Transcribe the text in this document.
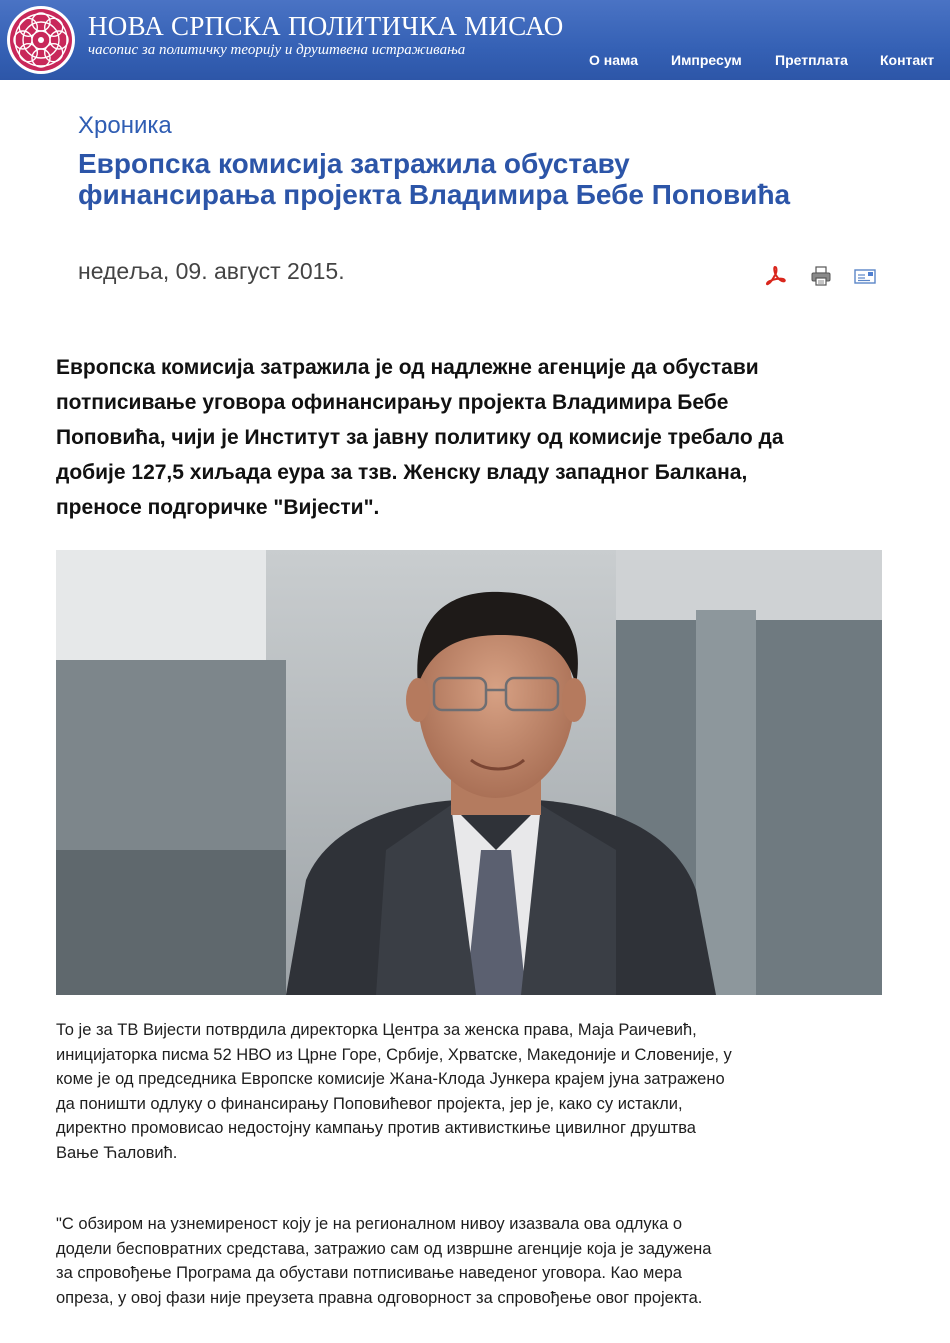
НОВА СРПСКА ПОЛИТИЧКА МИСАО
часопис за политичку теорију и друштвена истраживања
О нама Импресум Претплата Контакт
Хроника
Европска комисија затражила обуставу
финансирања пројекта Владимира Бебе Поповића
недеља, 09. август 2015.

Европска комисија затражила је од надлежне агенције да обустави
потписивање уговора офинансирању пројекта Владимира Бебе
Поповића, чији је Институт за јавну политику од комисије требало да
добије 127,5 хиљада еура за тзв. Женску владу западног Балкана,
преносе подгоричке "Вијести".

То је за ТВ Вијести потврдила директорка Центра за женска права, Маја Раичевић,
иницијаторка писма 52 НВО из Црне Горе, Србије, Хрватске, Македоније и Словеније, у
коме је од председника Европске комисије Жана-Клода Јункера крајем јуна затражено
да поништи одлуку о финансирању Поповићевог пројекта, јер је, како су истакли,
директно промовисао недостојну кампању против активисткиње цивилног друштва
Вање Ћаловић.

"С обзиром на узнемиреност коју је на регионалном нивоу изазвала ова одлука о
додели бесповратних средстава, затражио сам од извршне агенције која је задужена
за спровођење Програма да обустави потписивање наведеног уговора. Као мера
опреза, у овој фази није преузета правна одговорност за спровођење овог пројекта.
